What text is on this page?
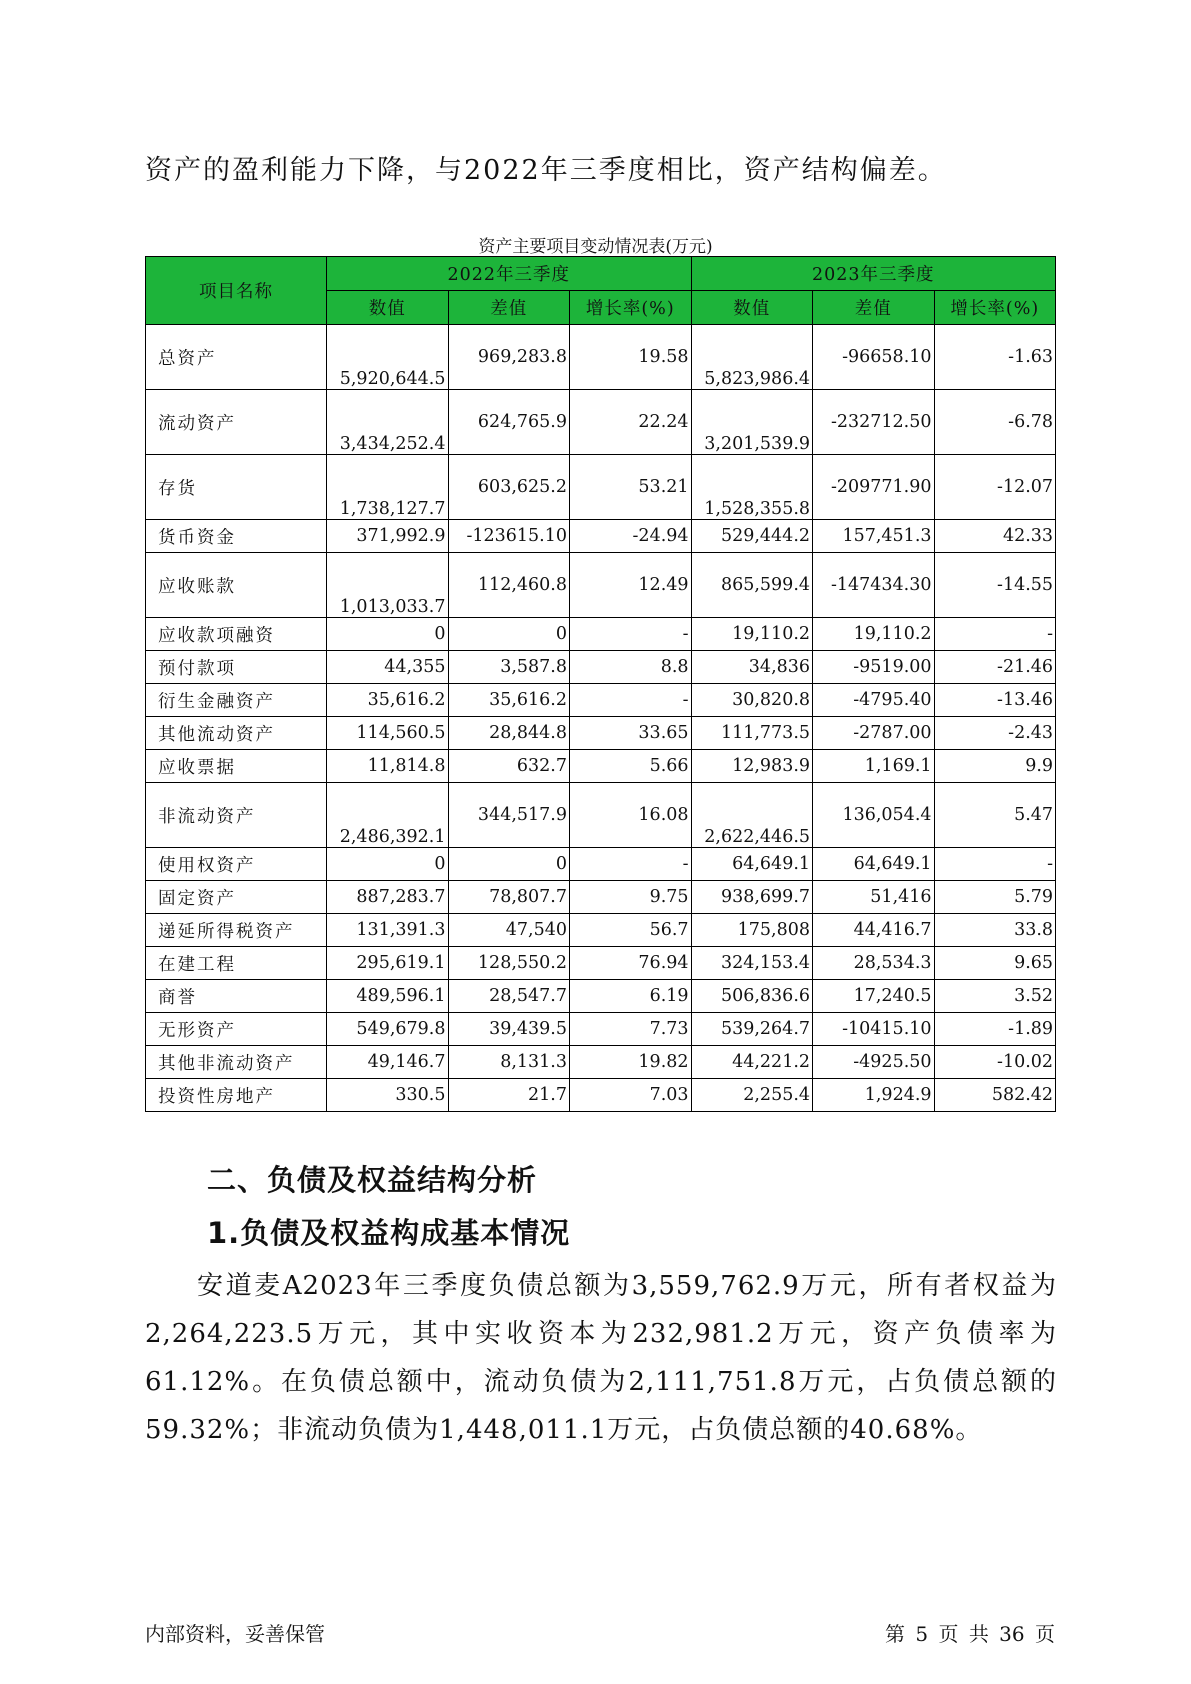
资产的盈利能力下降，与2022年三季度相比，资产结构偏差。
资产主要项目变动情况表(万元)
项目名称	2022年三季度			2023年三季度		
	数值	差值	增长率(%)	数值	差值	增长率(%)
总资产	5,920,644.5	969,283.8	19.58	5,823,986.4	-96658.10	-1.63
流动资产	3,434,252.4	624,765.9	22.24	3,201,539.9	-232712.50	-6.78
存货	1,738,127.7	603,625.2	53.21	1,528,355.8	-209771.90	-12.07
货币资金	371,992.9	-123615.10	-24.94	529,444.2	157,451.3	42.33
应收账款	1,013,033.7	112,460.8	12.49	865,599.4	-147434.30	-14.55
应收款项融资	0	0	-	19,110.2	19,110.2	-
预付款项	44,355	3,587.8	8.8	34,836	-9519.00	-21.46
衍生金融资产	35,616.2	35,616.2	-	30,820.8	-4795.40	-13.46
其他流动资产	114,560.5	28,844.8	33.65	111,773.5	-2787.00	-2.43
应收票据	11,814.8	632.7	5.66	12,983.9	1,169.1	9.9
非流动资产	2,486,392.1	344,517.9	16.08	2,622,446.5	136,054.4	5.47
使用权资产	0	0	-	64,649.1	64,649.1	-
固定资产	887,283.7	78,807.7	9.75	938,699.7	51,416	5.79
递延所得税资产	131,391.3	47,540	56.7	175,808	44,416.7	33.8
在建工程	295,619.1	128,550.2	76.94	324,153.4	28,534.3	9.65
商誉	489,596.1	28,547.7	6.19	506,836.6	17,240.5	3.52
无形资产	549,679.8	39,439.5	7.73	539,264.7	-10415.10	-1.89
其他非流动资产	49,146.7	8,131.3	19.82	44,221.2	-4925.50	-10.02
投资性房地产	330.5	21.7	7.03	2,255.4	1,924.9	582.42
二、负债及权益结构分析
1.负债及权益构成基本情况

安道麦A2023年三季度负债总额为3,559,762.9万元，所有者权益为2,264,223.5万元，其中实收资本为232,981.2万元，资产负债率为61.12%。在负债总额中，流动负债为2,111,751.8万元，占负债总额的59.32%；非流动负债为1,448,011.1万元，占负债总额的40.68%。

内部资料，妥善保管	第 5 页 共 36 页
